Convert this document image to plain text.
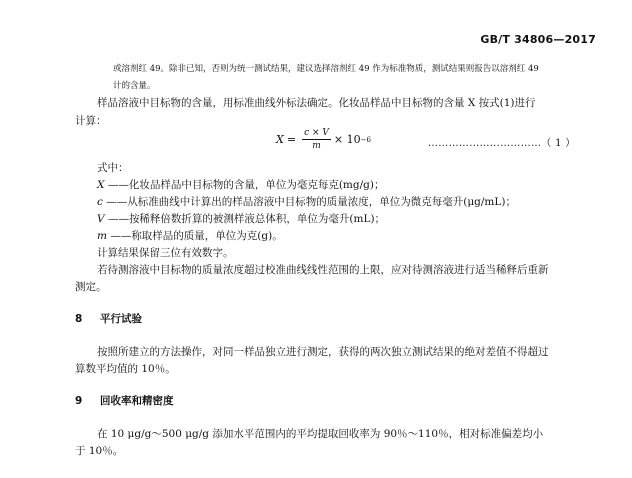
GB/T 34806—2017
或溶剂红 49。除非已知，否则为统一测试结果，建议选择溶剂红 49 作为标准物质，测试结果则报告以溶剂红 49
计的含量。
样品溶液中目标物的含量，用标准曲线外标法确定。化妆品样品中目标物的含量 X 按式(1)进行
计算：
$X = \frac{c \times V}{m} \times 10 -6$	……………………………（ 1 ）
式中：
X ——化妆品样品中目标物的含量，单位为毫克每克(mg/g)；
c ——从标准曲线中计算出的样品溶液中目标物的质量浓度，单位为微克每毫升(μg/mL)；
V ——按稀释倍数折算的被测样液总体积，单位为毫升(mL)；
m ——称取样品的质量，单位为克(g)。
计算结果保留三位有效数字。
若待测溶液中目标物的质量浓度超过校准曲线线性范围的上限，应对待测溶液进行适当稀释后重新
测定。
8 平行试验
按照所建立的方法操作，对同一样品独立进行测定，获得的两次独立测试结果的绝对差值不得超过
算数平均值的 10％。
9 回收率和精密度
在 10 μg/g～500 μg/g 添加水平范围内的平均提取回收率为 90％～110％，相对标准偏差均小
于 10％。
